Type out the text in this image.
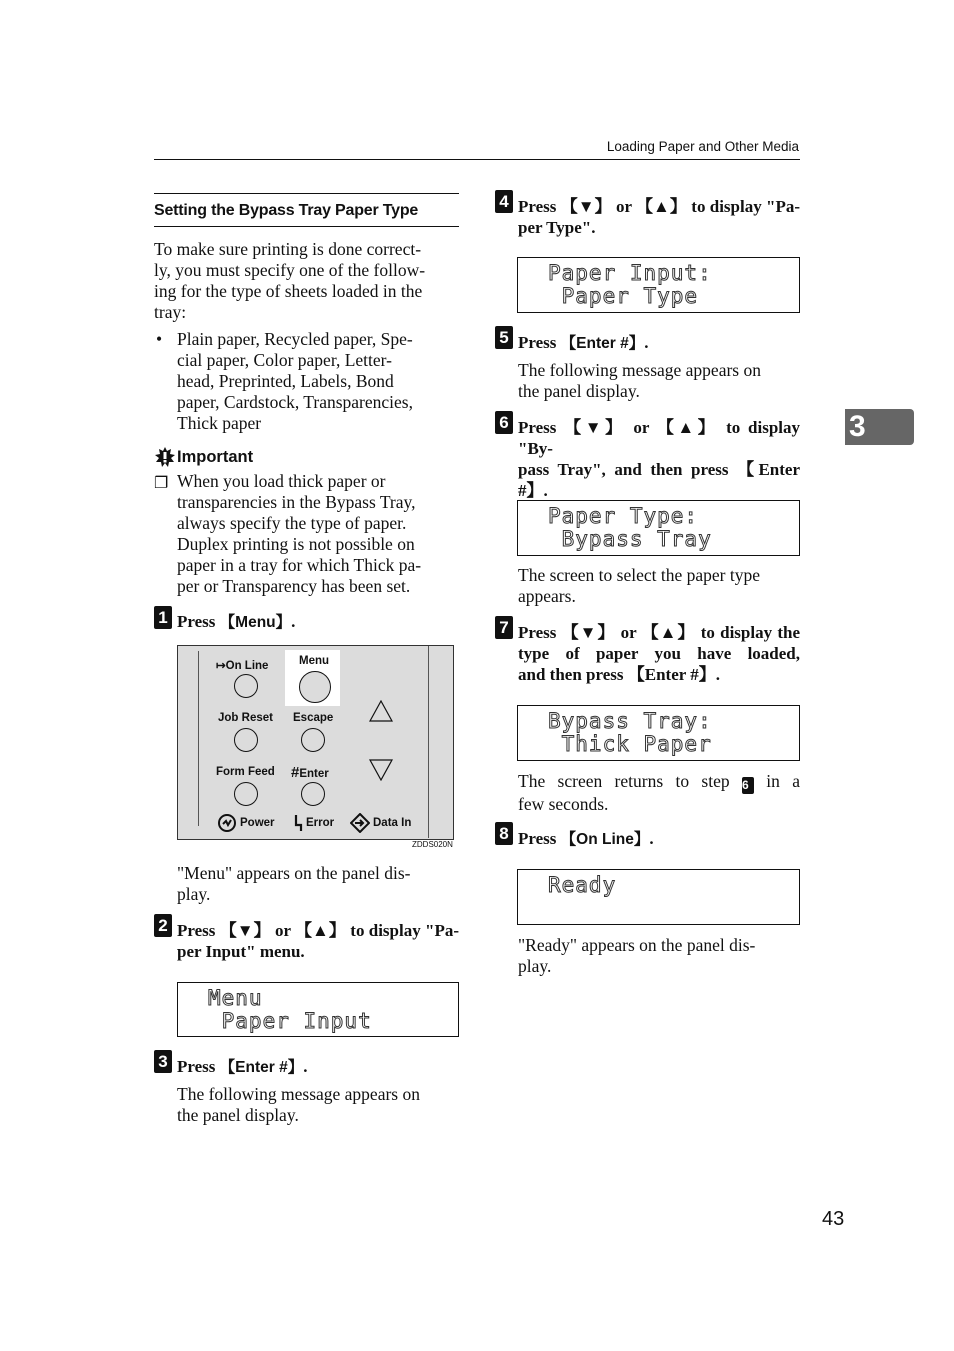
Loading Paper and Other Media
Setting the Bypass Tray Paper Type
To make sure printing is done correct-
ly, you must specify one of the follow-
ing for the type of sheets loaded in the
tray:
• Plain paper, Recycled paper, Spe-
cial paper, Color paper, Letter-
head, Preprinted, Labels, Bond
paper, Cardstock, Transparencies,
Thick paper
Important
❐ When you load thick paper or
transparencies in the Bypass Tray,
always specify the type of paper.
Duplex printing is not possible on
paper in a tray for which Thick pa-
per or Transparency has been set.
1 Press 【Menu】.
↦On Line	Menu
Job Reset Escape
Form Feed #Enter
Power	Error	Data In
ZDDS020N
"Menu" appears on the panel dis-
play.
2 Press 【▼】 or 【▲】 to display "Pa-
per Input" menu.
Menu
Paper Input
3 Press 【Enter #】.
The following message appears on
the panel display.
4 Press 【▼】 or 【▲】 to display "Pa-
per Type".
Paper Input:
Paper Type
5 Press 【Enter #】.
The following message appears on
the panel display.
6 Press 【▼】 or 【▲】 to display "By-
pass Tray", and then press 【Enter
#】.
Paper Type:
Bypass Tray
The screen to select the paper type
appears.
7 Press 【▼】 or 【▲】 to display the
type of paper you have loaded,
and then press 【Enter #】.
Bypass Tray:
Thick Paper
The screen returns to step 6 in a
few seconds.
8 Press 【On Line】.
Ready
"Ready" appears on the panel dis-
play.
3
43
